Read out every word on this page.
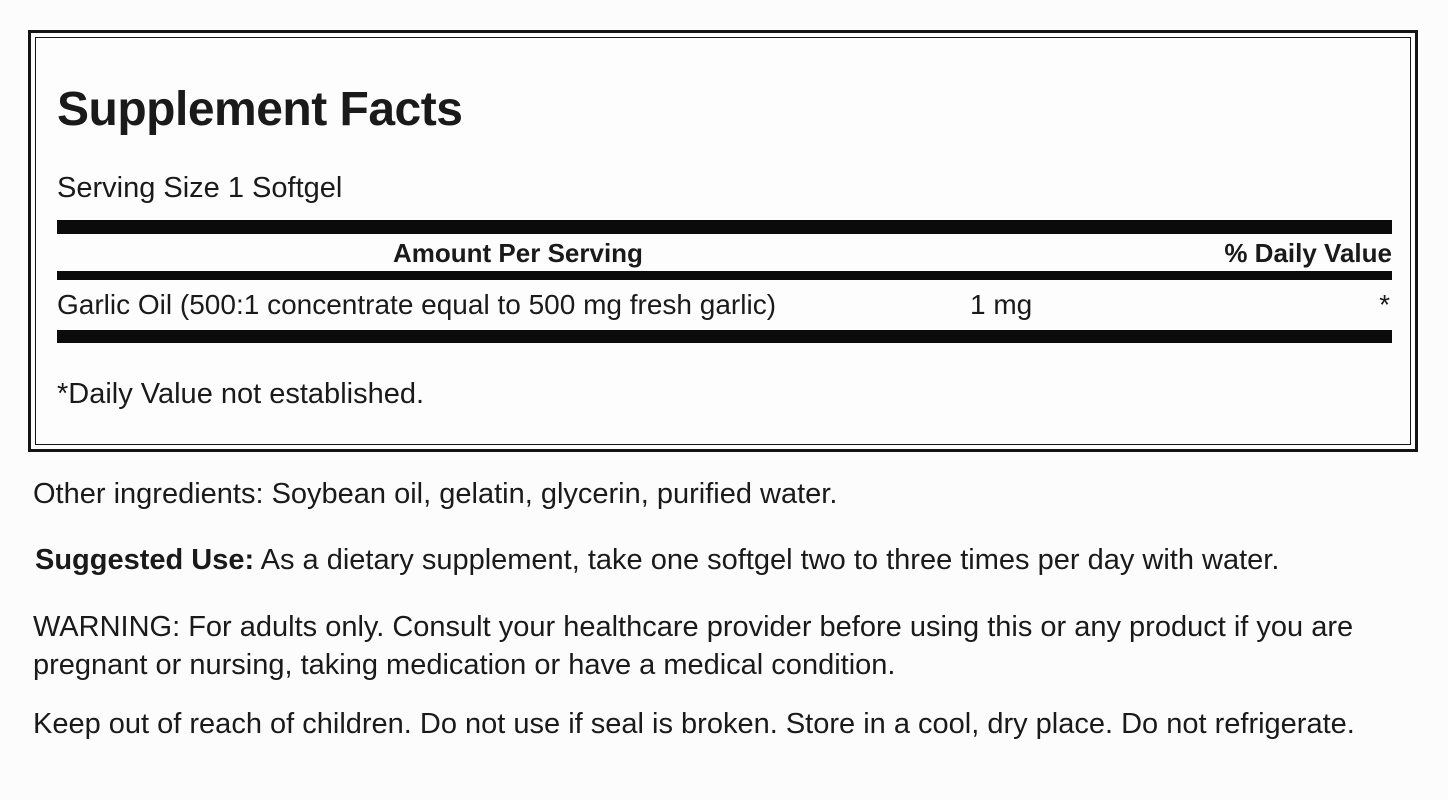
Supplement Facts
Serving Size 1 Softgel
Amount Per Serving	% Daily Value
Garlic Oil (500:1 concentrate equal to 500 mg fresh garlic)	1 mg	*
*Daily Value not established.

Other ingredients: Soybean oil, gelatin, glycerin, purified water.

Suggested Use: As a dietary supplement, take one softgel two to three times per day with water.

WARNING: For adults only. Consult your healthcare provider before using this or any product if you are pregnant or nursing, taking medication or have a medical condition.

Keep out of reach of children. Do not use if seal is broken. Store in a cool, dry place. Do not refrigerate.
